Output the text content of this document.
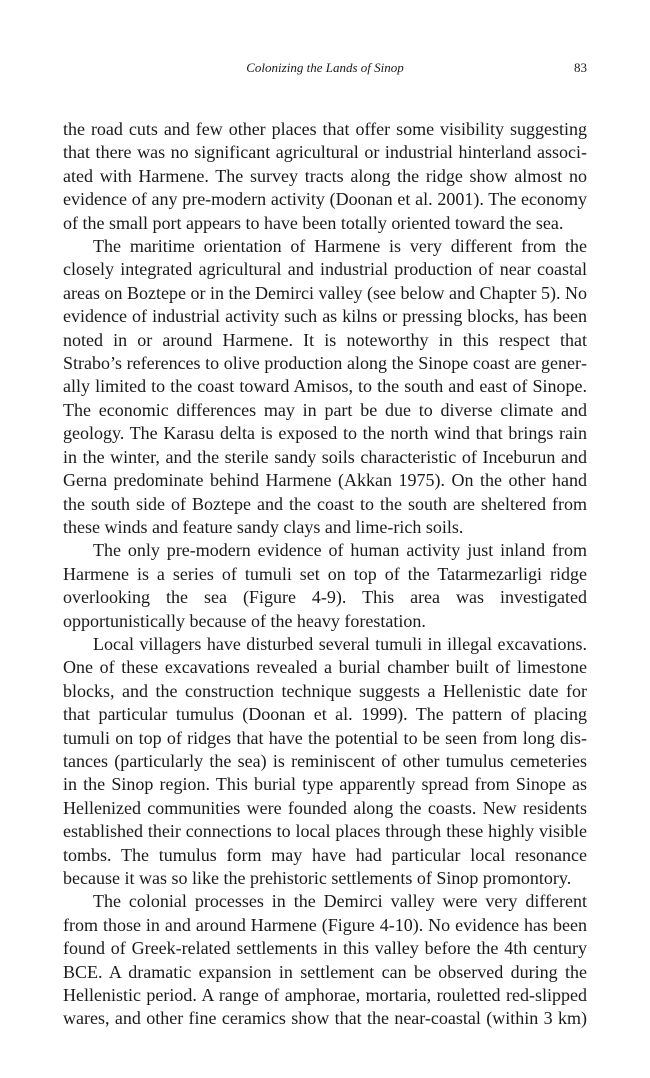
Colonizing the Lands of Sinop	83

the road cuts and few other places that offer some visibility suggesting that there was no significant agricultural or industrial hinterland associated with Harmene. The survey tracts along the ridge show almost no evidence of any pre-modern activity (Doonan et al. 2001). The economy of the small port appears to have been totally oriented toward the sea.

The maritime orientation of Harmene is very different from the closely integrated agricultural and industrial production of near coastal areas on Boztepe or in the Demirci valley (see below and Chapter 5). No evidence of industrial activity such as kilns or pressing blocks, has been noted in or around Harmene. It is noteworthy in this respect that Strabo’s references to olive production along the Sinope coast are generally limited to the coast toward Amisos, to the south and east of Sinope. The economic differences may in part be due to diverse climate and geology. The Karasu delta is exposed to the north wind that brings rain in the winter, and the sterile sandy soils characteristic of Inceburun and Gerna predominate behind Harmene (Akkan 1975). On the other hand the south side of Boztepe and the coast to the south are sheltered from these winds and feature sandy clays and lime-rich soils.

The only pre-modern evidence of human activity just inland from Harmene is a series of tumuli set on top of the Tatarmezarligi ridge overlooking the sea (Figure 4-9). This area was investigated opportunistically because of the heavy forestation.

Local villagers have disturbed several tumuli in illegal excavations. One of these excavations revealed a burial chamber built of limestone blocks, and the construction technique suggests a Hellenistic date for that particular tumulus (Doonan et al. 1999). The pattern of placing tumuli on top of ridges that have the potential to be seen from long distances (particularly the sea) is reminiscent of other tumulus cemeteries in the Sinop region. This burial type apparently spread from Sinope as Hellenized communities were founded along the coasts. New residents established their connections to local places through these highly visible tombs. The tumulus form may have had particular local resonance because it was so like the prehistoric settlements of Sinop promontory.

The colonial processes in the Demirci valley were very different from those in and around Harmene (Figure 4-10). No evidence has been found of Greek-related settlements in this valley before the 4th century BCE. A dramatic expansion in settlement can be observed during the Hellenistic period. A range of amphorae, mortaria, rouletted red-slipped wares, and other fine ceramics show that the near-coastal (within 3 km)
